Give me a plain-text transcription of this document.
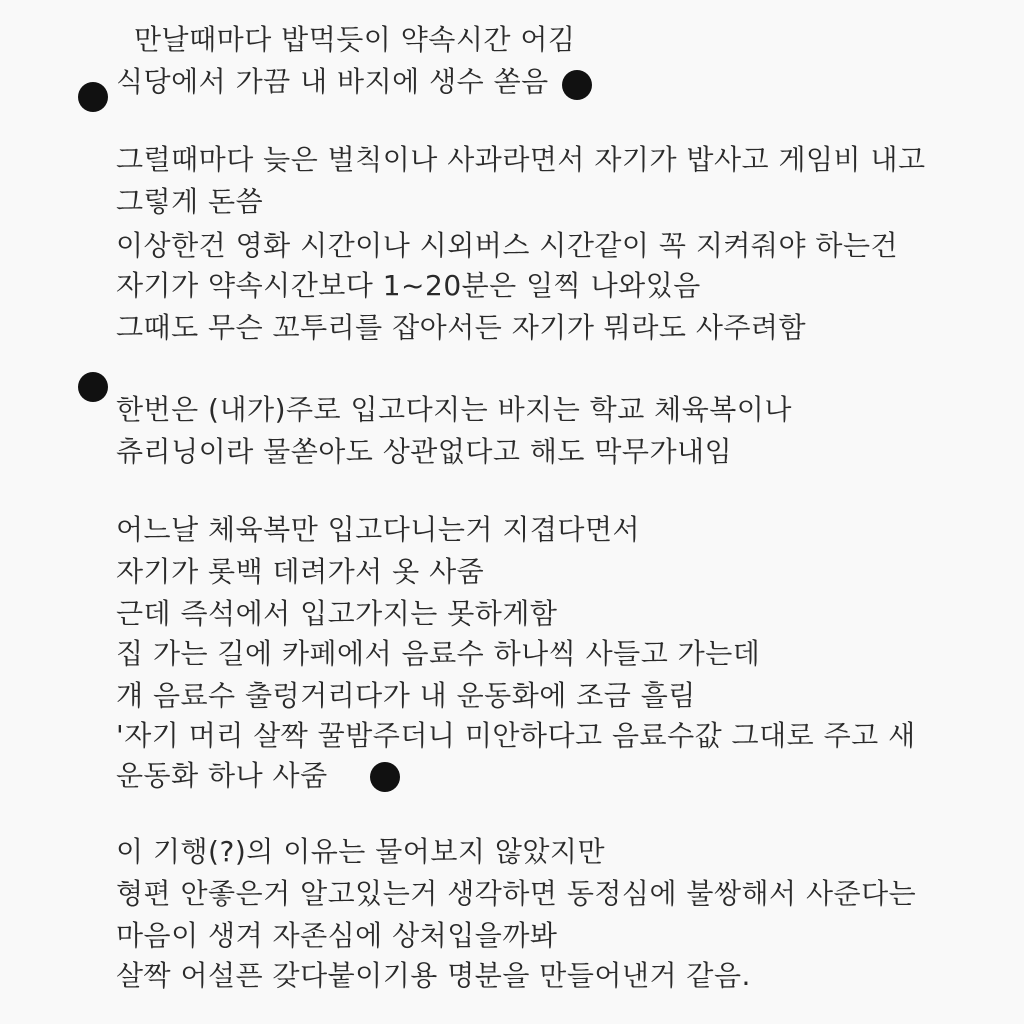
만날때마다 밥먹듯이 약속시간 어김
식당에서 가끔 내 바지에 생수 쏟음
그럴때마다 늦은 벌칙이나 사과라면서 자기가 밥사고 게임비 내고
그렇게 돈씀
이상한건 영화 시간이나 시외버스 시간같이 꼭 지켜줘야 하는건
자기가 약속시간보다 1~20분은 일찍 나와있음
그때도 무슨 꼬투리를 잡아서든 자기가 뭐라도 사주려함
한번은 (내가)주로 입고다지는 바지는 학교 체육복이나
츄리닝이라 물쏟아도 상관없다고 해도 막무가내임
어느날 체육복만 입고다니는거 지겹다면서
자기가 롯백 데려가서 옷 사줌
근데 즉석에서 입고가지는 못하게함
집 가는 길에 카페에서 음료수 하나씩 사들고 가는데
걔 음료수 출렁거리다가 내 운동화에 조금 흘림
'자기 머리 살짝 꿀밤주더니 미안하다고 음료수값 그대로 주고 새
운동화 하나 사줌
이 기행(?)의 이유는 물어보지 않았지만
형편 안좋은거 알고있는거 생각하면 동정심에 불쌍해서 사준다는
마음이 생겨 자존심에 상처입을까봐
살짝 어설픈 갖다붙이기용 명분을 만들어낸거 같음.
